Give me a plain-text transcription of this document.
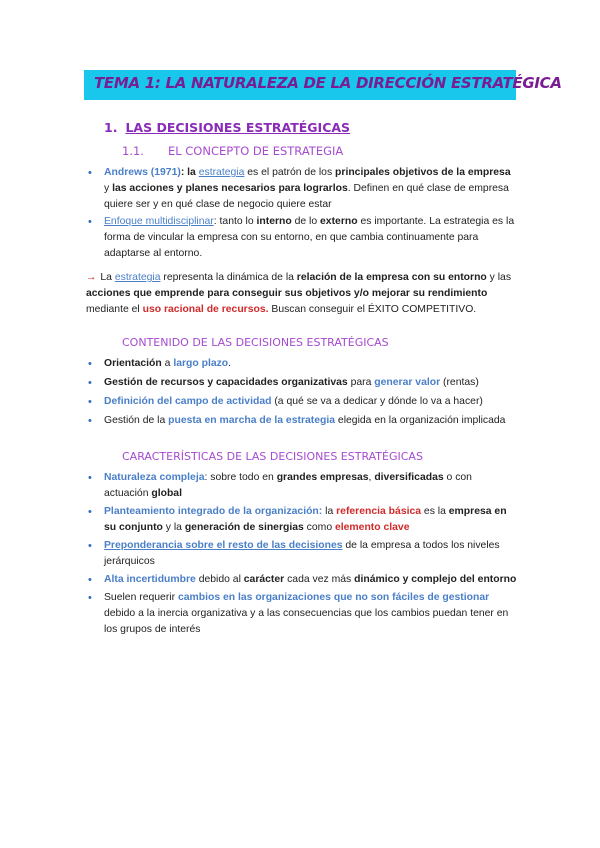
TEMA 1: LA NATURALEZA DE LA DIRECCIÓN ESTRATÉGICA
1. LAS DECISIONES ESTRATÉGICAS
1.1. EL CONCEPTO DE ESTRATEGIA
• Andrews (1971): la estrategia es el patrón de los principales objetivos de la empresa y las acciones y planes necesarios para lograrlos. Definen en qué clase de empresa quiere ser y en qué clase de negocio quiere estar
• Enfoque multidisciplinar: tanto lo interno de lo externo es importante. La estrategia es la forma de vincular la empresa con su entorno, en que cambia continuamente para adaptarse al entorno.
→ La estrategia representa la dinámica de la relación de la empresa con su entorno y las acciones que emprende para conseguir sus objetivos y/o mejorar su rendimiento mediante el uso racional de recursos. Buscan conseguir el ÉXITO COMPETITIVO.
CONTENIDO DE LAS DECISIONES ESTRATÉGICAS
• Orientación a largo plazo.
• Gestión de recursos y capacidades organizativas para generar valor (rentas)
• Definición del campo de actividad (a qué se va a dedicar y dónde lo va a hacer)
• Gestión de la puesta en marcha de la estrategia elegida en la organización implicada
CARACTERÍSTICAS DE LAS DECISIONES ESTRATÉGICAS
• Naturaleza compleja: sobre todo en grandes empresas, diversificadas o con actuación global
• Planteamiento integrado de la organización: la referencia básica es la empresa en su conjunto y la generación de sinergias como elemento clave
• Preponderancia sobre el resto de las decisiones de la empresa a todos los niveles jerárquicos
• Alta incertidumbre debido al carácter cada vez más dinámico y complejo del entorno
• Suelen requerir cambios en las organizaciones que no son fáciles de gestionar debido a la inercia organizativa y a las consecuencias que los cambios puedan tener en los grupos de interés
